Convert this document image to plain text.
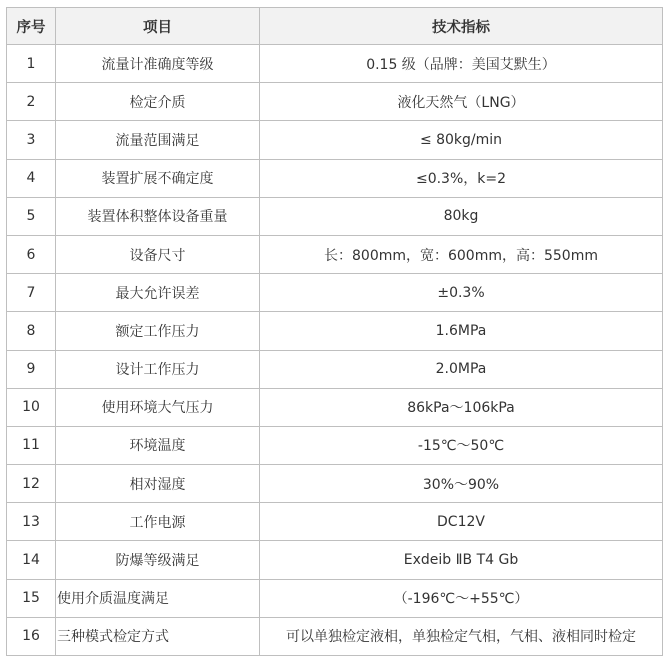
序号	项目	技术指标
1	流量计准确度等级	0.15 级（品牌：美国艾默生）
2	检定介质	液化天然气（LNG）
3	流量范围满足	≤ 80kg/min
4	装置扩展不确定度	≤0.3%，k=2
5	装置体积整体设备重量	80kg
6	设备尺寸	长：800mm，宽：600mm，高：550mm
7	最大允许误差	±0.3%
8	额定工作压力	1.6MPa
9	设计工作压力	2.0MPa
10	使用环境大气压力	86kPa～106kPa
11	环境温度	-15℃～50℃
12	相对湿度	30%～90%
13	工作电源	DC12V
14	防爆等级满足	Exdeib ⅡB T4 Gb
15	使用介质温度满足	（-196℃～+55℃）
16	三种模式检定方式	可以单独检定液相，单独检定气相，气相、液相同时检定
